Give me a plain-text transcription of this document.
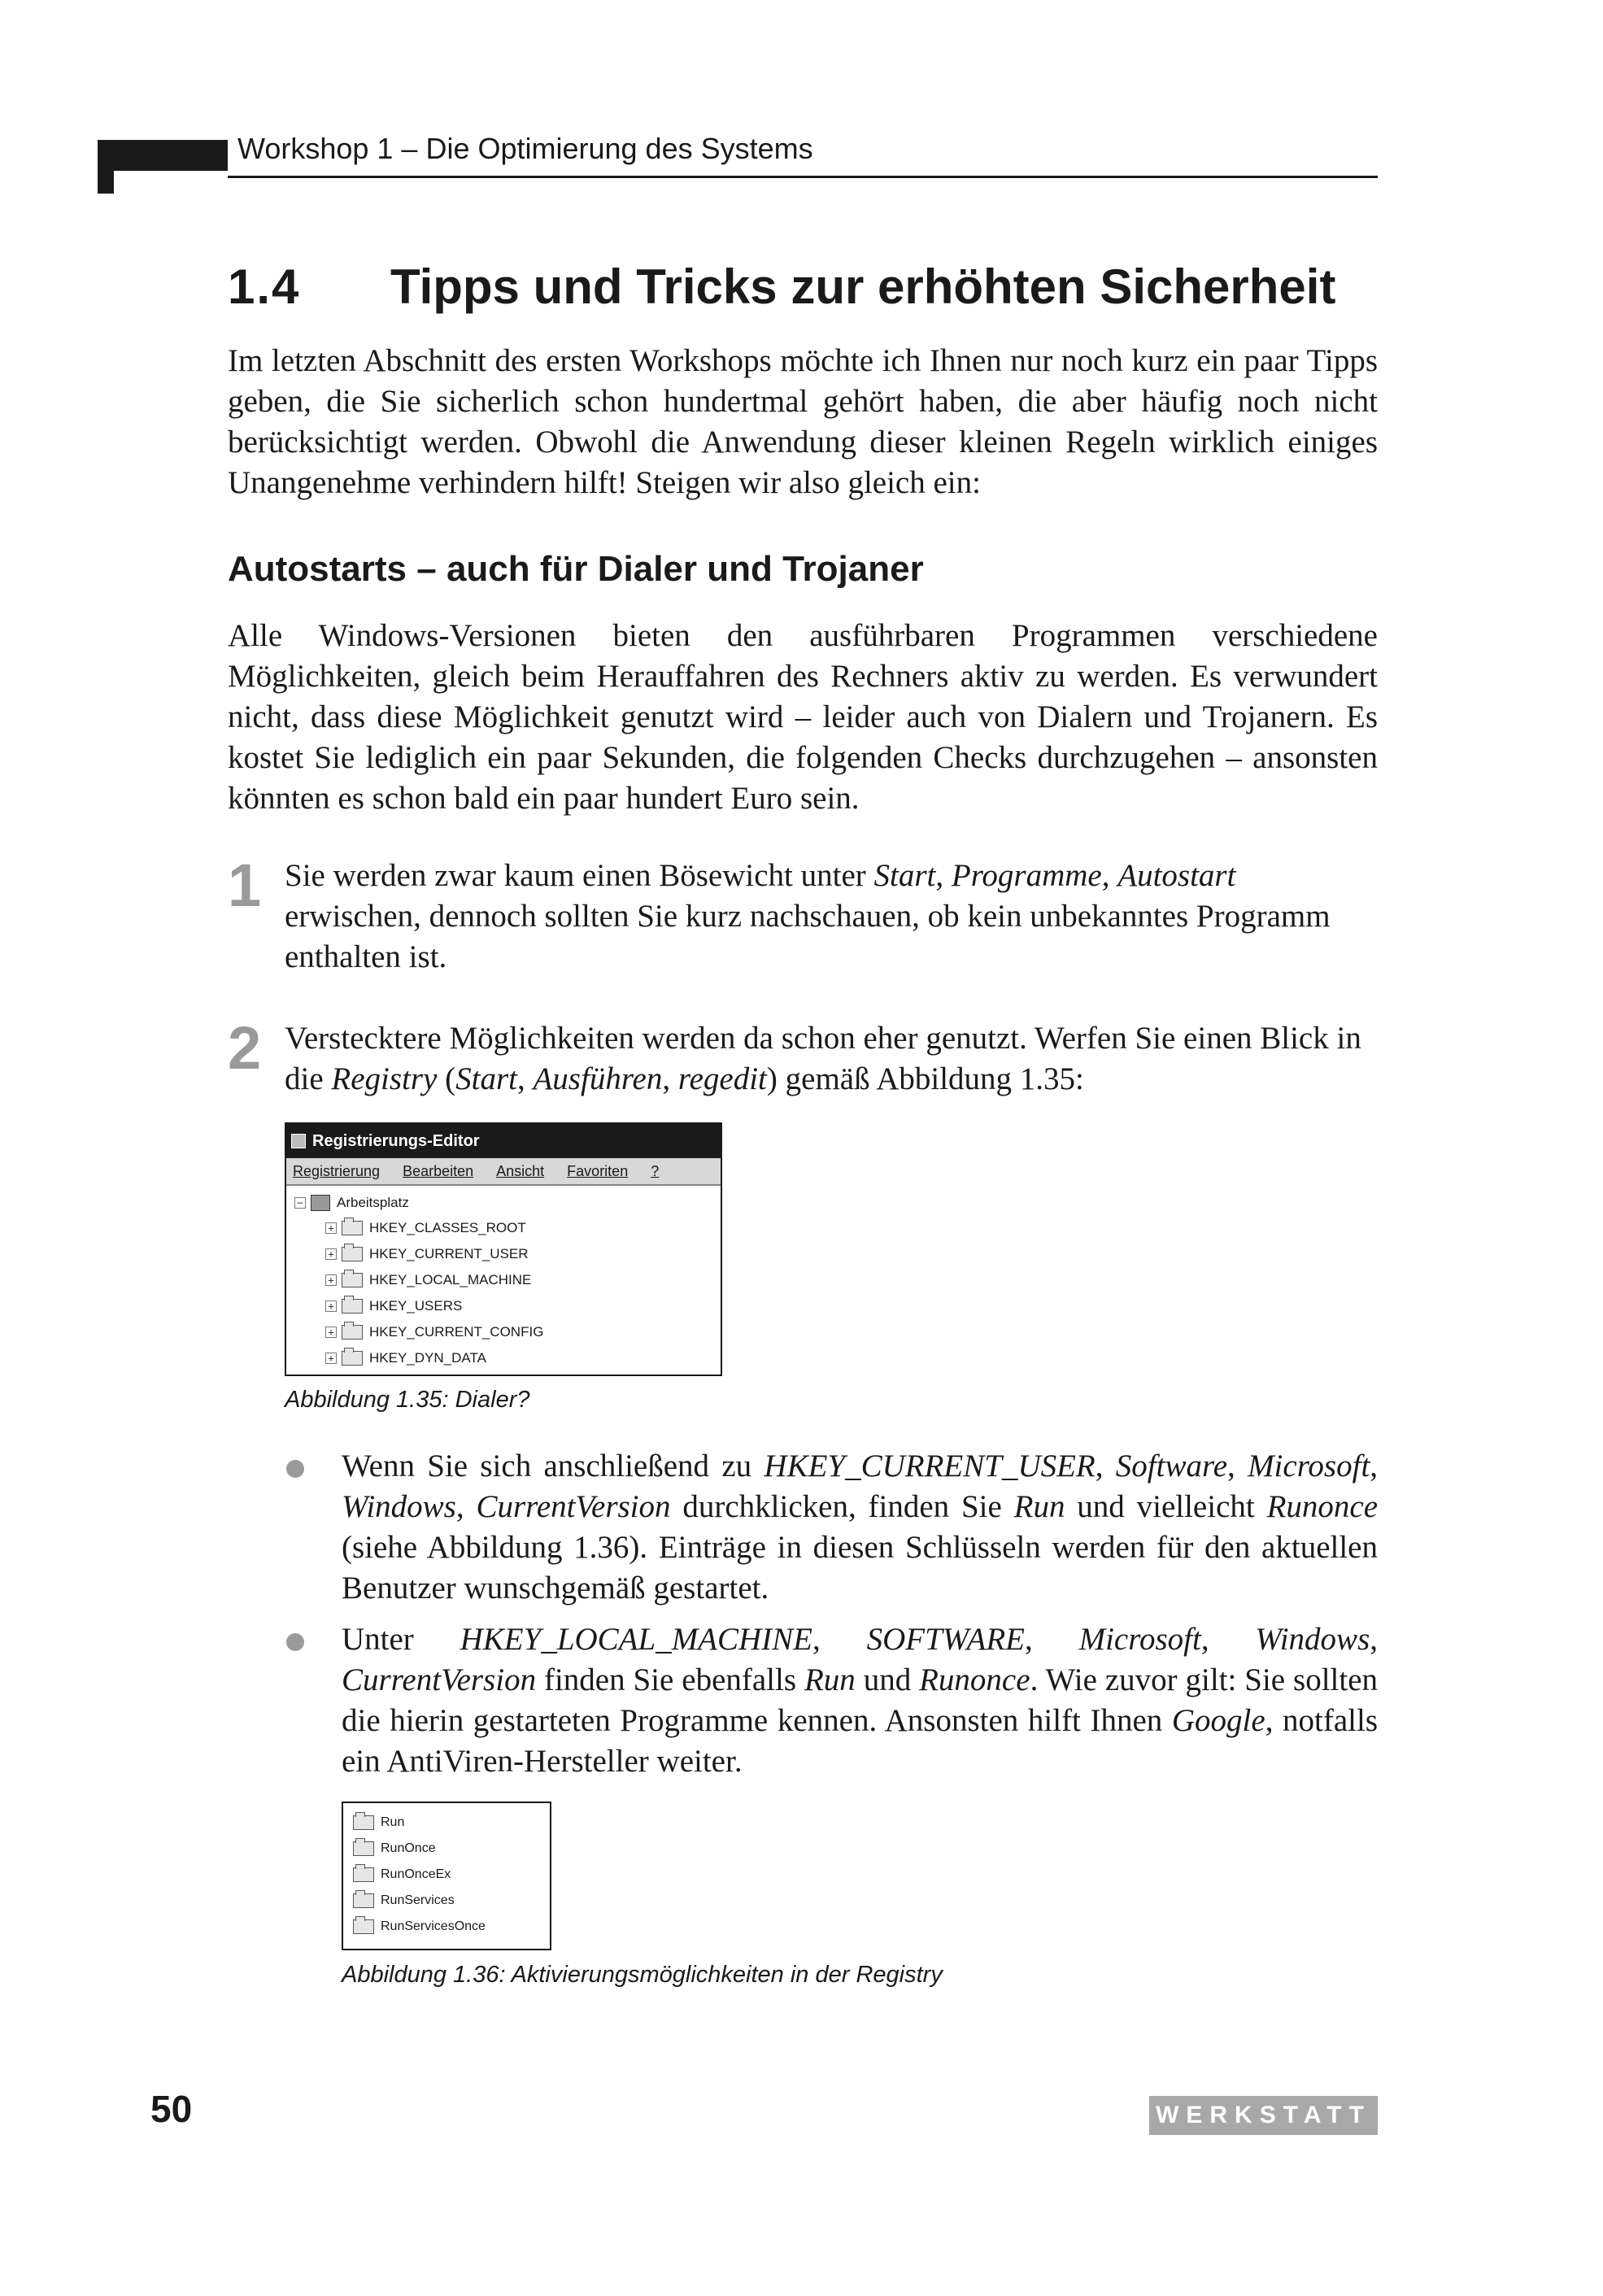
Workshop 1 – Die Optimierung des Systems
1.4 Tipps und Tricks zur erhöhten Sicherheit

Im letzten Abschnitt des ersten Workshops möchte ich Ihnen nur noch kurz ein paar Tipps geben, die Sie sicherlich schon hundertmal gehört haben, die aber häufig noch nicht berücksichtigt werden. Obwohl die Anwendung dieser kleinen Regeln wirklich einiges Unangenehme verhindern hilft! Steigen wir also gleich ein:

Autostarts – auch für Dialer und Trojaner

Alle Windows-Versionen bieten den ausführbaren Programmen verschiedene Möglichkeiten, gleich beim Herauffahren des Rechners aktiv zu werden. Es verwundert nicht, dass diese Möglichkeit genutzt wird – leider auch von Dialern und Trojanern. Es kostet Sie lediglich ein paar Sekunden, die folgenden Checks durchzugehen – ansonsten könnten es schon bald ein paar hundert Euro sein.

1 Sie werden zwar kaum einen Bösewicht unter Start, Programme, Autostart erwischen, dennoch sollten Sie kurz nachschauen, ob kein unbekanntes Programm enthalten ist.

2 Verstecktere Möglichkeiten werden da schon eher genutzt. Werfen Sie einen Blick in die Registry (Start, Ausführen, regedit) gemäß Abbildung 1.35:

Registrierungs-Editor
Registrierung Bearbeiten Ansicht Favoriten ?
− Arbeitsplatz
+	HKEY_CLASSES_ROOT
+	HKEY_CURRENT_USER
+	HKEY_LOCAL_MACHINE
+	HKEY_USERS
+	HKEY_CURRENT_CONFIG
+	HKEY_DYN_DATA
Abbildung 1.35: Dialer?

Wenn Sie sich anschließend zu HKEY_CURRENT_USER, Software, Microsoft, Windows, CurrentVersion durchklicken, finden Sie Run und vielleicht Runonce (siehe Abbildung 1.36). Einträge in diesen Schlüsseln werden für den aktuellen Benutzer wunschgemäß gestartet.

Unter HKEY_LOCAL_MACHINE, SOFTWARE, Microsoft, Windows, CurrentVersion finden Sie ebenfalls Run und Runonce. Wie zuvor gilt: Sie sollten die hierin gestarteten Programme kennen. Ansonsten hilft Ihnen Google, notfalls ein AntiViren-Hersteller weiter.

Run
RunOnce
RunOnceEx
RunServices
RunServicesOnce
Abbildung 1.36: Aktivierungsmöglichkeiten in der Registry
50	WERKSTATT
